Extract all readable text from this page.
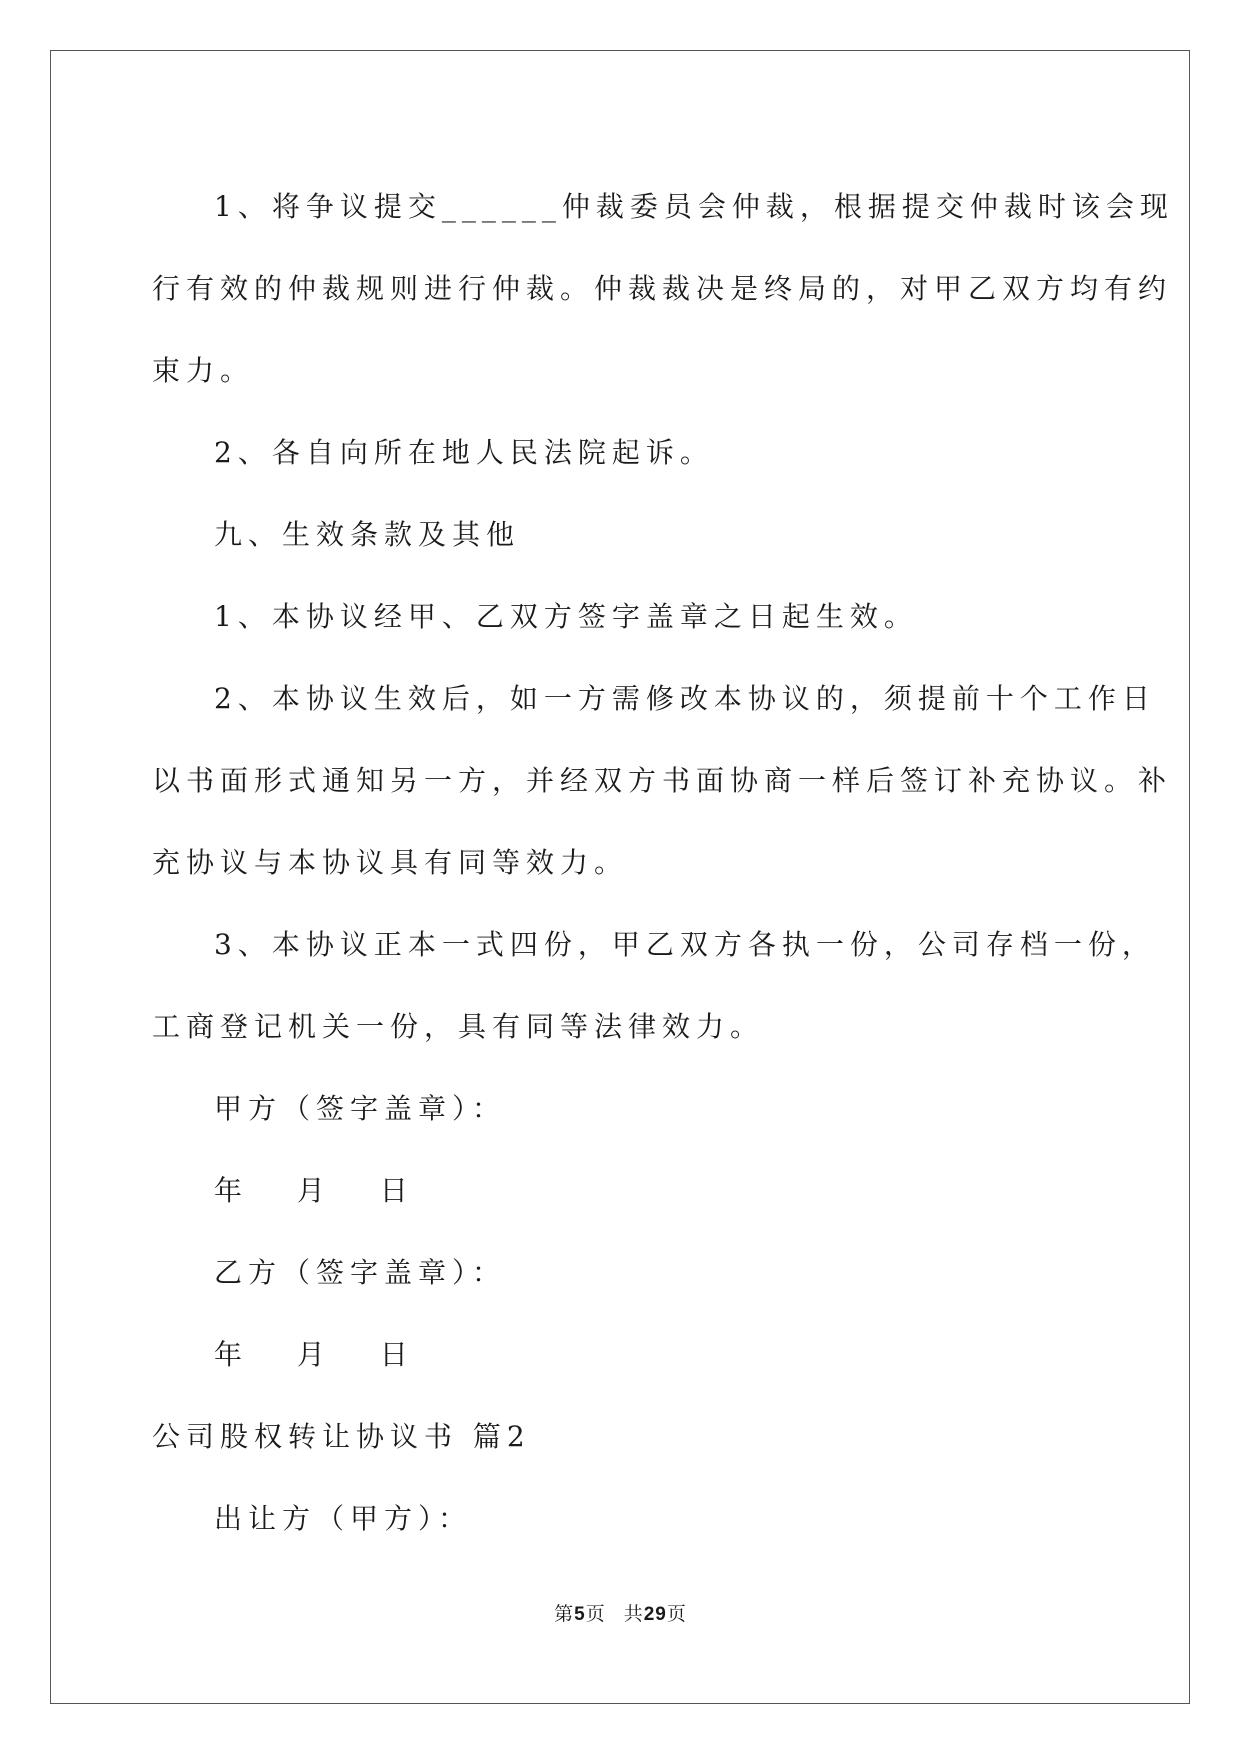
1、将争议提交______仲裁委员会仲裁，根据提交仲裁时该会现

行有效的仲裁规则进行仲裁。仲裁裁决是终局的，对甲乙双方均有约

束力。

2、各自向所在地人民法院起诉。

九、生效条款及其他

1、本协议经甲、乙双方签字盖章之日起生效。

2、本协议生效后，如一方需修改本协议的，须提前十个工作日

以书面形式通知另一方，并经双方书面协商一样后签订补充协议。补

充协议与本协议具有同等效力。

3、本协议正本一式四份，甲乙双方各执一份，公司存档一份，

工商登记机关一份，具有同等法律效力。

甲方（签字盖章）：

年　 月　 日

乙方（签字盖章）：

年　 月　 日

公司股权转让协议书 篇2

出让方（甲方）：

第5页 共29页
